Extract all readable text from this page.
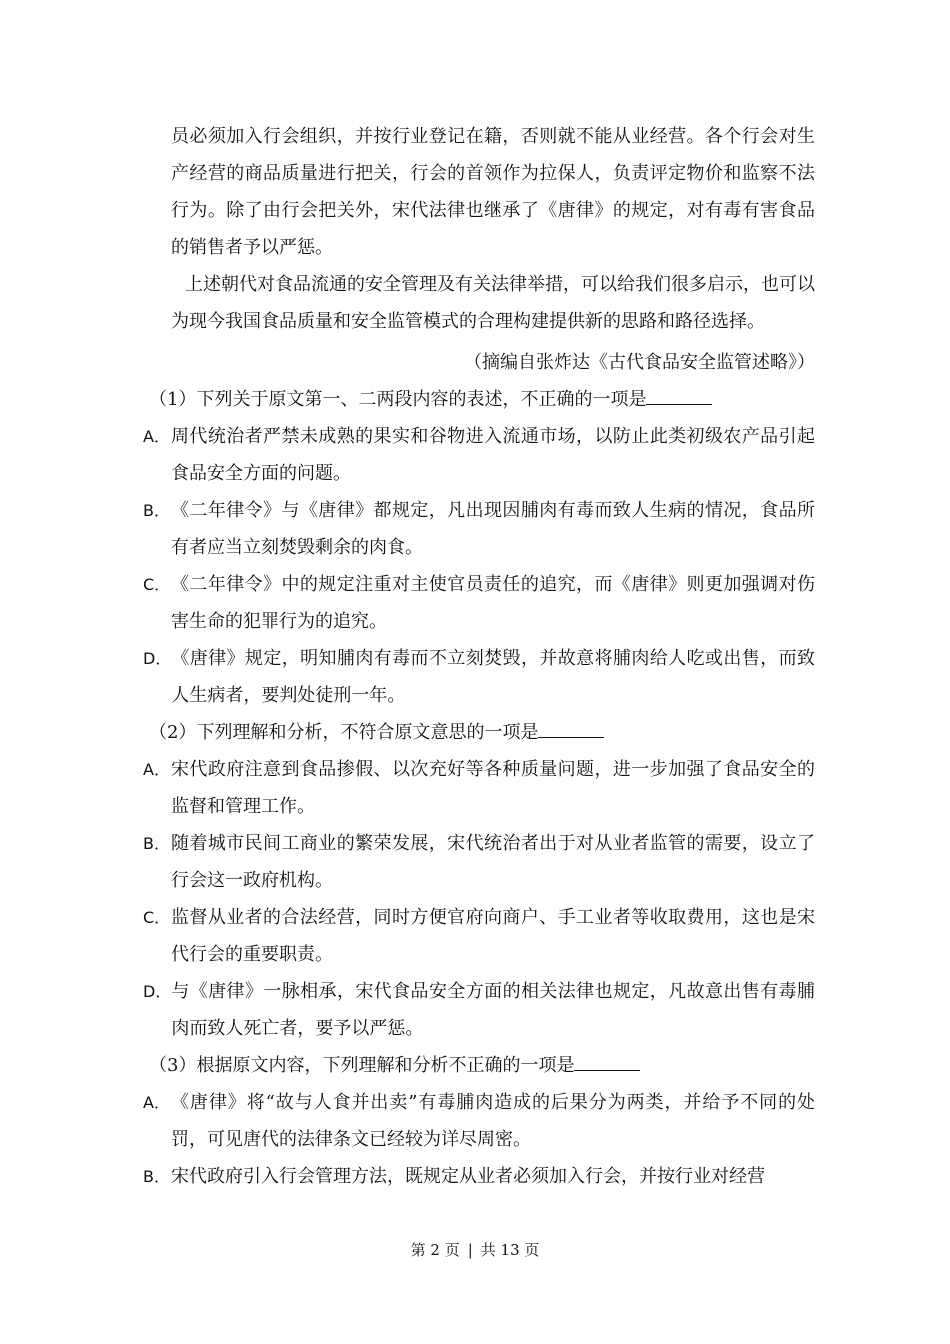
员必须加入行会组织，并按行业登记在籍，否则就不能从业经营。各个行会对生产经营的商品质量进行把关，行会的首领作为拉保人，负责评定物价和监察不法行为。除了由行会把关外，宋代法律也继承了《唐律》的规定，对有毒有害食品的销售者予以严惩。

上述朝代对食品流通的安全管理及有关法律举措，可以给我们很多启示，也可以为现今我国食品质量和安全监管模式的合理构建提供新的思路和路径选择。

（摘编自张炸达《古代食品安全监管述略》）

（1）下列关于原文第一、二两段内容的表述，不正确的一项是

A． 周代统治者严禁未成熟的果实和谷物进入流通市场，以防止此类初级农产品引起食品安全方面的问题。
B． 《二年律令》与《唐律》都规定，凡出现因脯肉有毒而致人生病的情况，食品所有者应当立刻焚毁剩余的肉食。
C． 《二年律令》中的规定注重对主使官员责任的追究，而《唐律》则更加强调对伤害生命的犯罪行为的追究。
D． 《唐律》规定，明知脯肉有毒而不立刻焚毁，并故意将脯肉给人吃或出售，而致人生病者，要判处徒刑一年。

（2）下列理解和分析，不符合原文意思的一项是

A． 宋代政府注意到食品掺假、以次充好等各种质量问题，进一步加强了食品安全的监督和管理工作。
B． 随着城市民间工商业的繁荣发展，宋代统治者出于对从业者监管的需要，设立了行会这一政府机构。
C． 监督从业者的合法经营，同时方便官府向商户、手工业者等收取费用，这也是宋代行会的重要职责。
D． 与《唐律》一脉相承，宋代食品安全方面的相关法律也规定，凡故意出售有毒脯肉而致人死亡者，要予以严惩。

（3）根据原文内容，下列理解和分析不正确的一项是

A． 《唐律》将“故与人食并出卖”有毒脯肉造成的后果分为两类，并给予不同的处罚，可见唐代的法律条文已经较为详尽周密。
B． 宋代政府引入行会管理方法，既规定从业者必须加入行会，并按行业对经营
第 2 页 | 共 13 页
